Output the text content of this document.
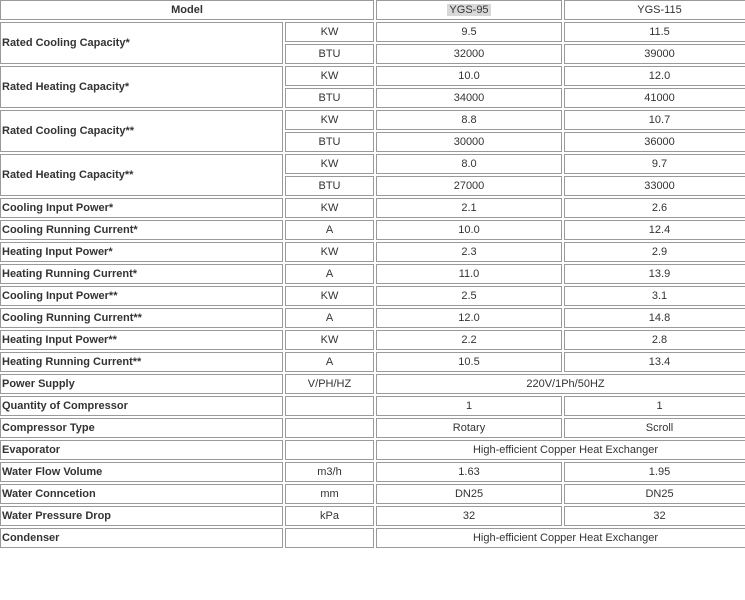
Model		YGS-95	YGS-115
Rated Cooling Capacity*	KW	9.5	11.5
	BTU	32000	39000
Rated Heating Capacity*	KW	10.0	12.0
	BTU	34000	41000
Rated Cooling Capacity**	KW	8.8	10.7
	BTU	30000	36000
Rated Heating Capacity**	KW	8.0	9.7
	BTU	27000	33000
Cooling Input Power*	KW	2.1	2.6
Cooling Running Current*	A	10.0	12.4
Heating Input Power*	KW	2.3	2.9
Heating Running Current*	A	11.0	13.9
Cooling Input Power**	KW	2.5	3.1
Cooling Running Current**	A	12.0	14.8
Heating Input Power**	KW	2.2	2.8
Heating Running Current**	A	10.5	13.4
Power Supply	V/PH/HZ	220V/1Ph/50HZ	
Quantity of Compressor		1	1
Compressor Type		Rotary	Scroll
Evaporator		High-efficient Copper Heat Exchanger	
Water Flow Volume	m3/h	1.63	1.95
Water Conncetion	mm	DN25	DN25
Water Pressure Drop	kPa	32	32
Condenser		High-efficient Copper Heat Exchanger	
